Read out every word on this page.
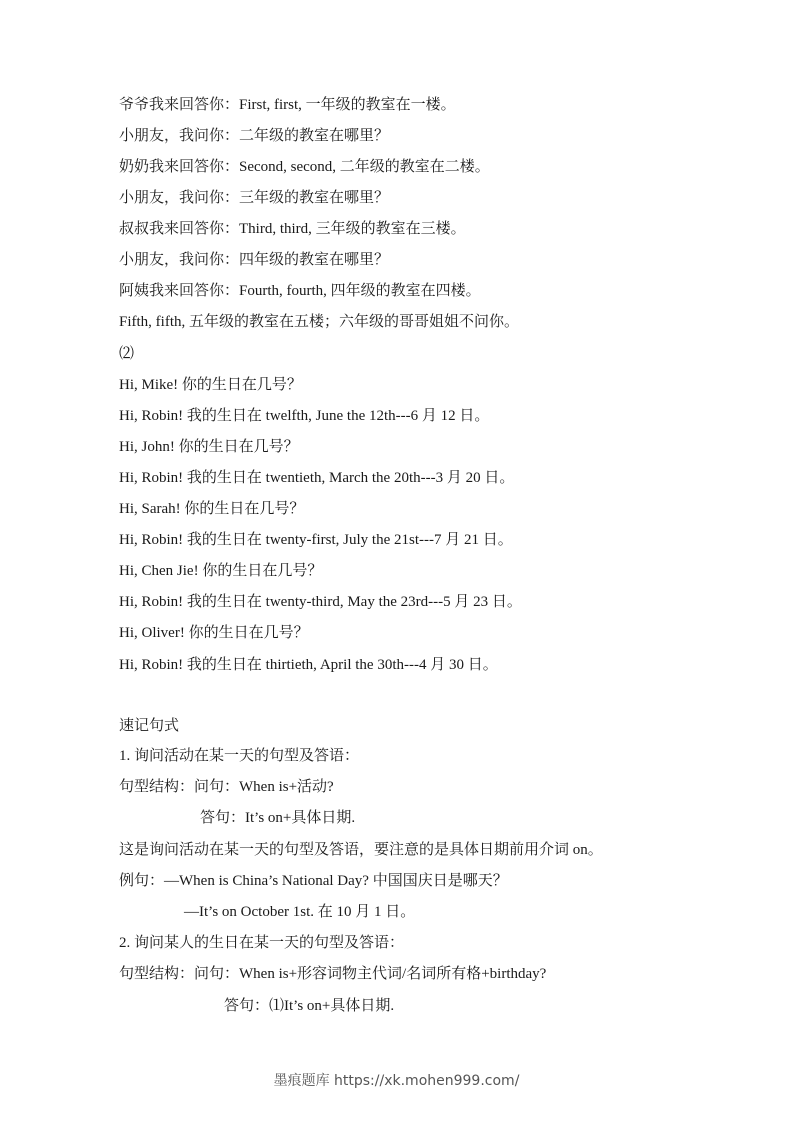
爷爷我来回答你：First, first, 一年级的教室在一楼。
小朋友，我问你：二年级的教室在哪里？
奶奶我来回答你：Second, second, 二年级的教室在二楼。
小朋友，我问你：三年级的教室在哪里？
叔叔我来回答你：Third, third, 三年级的教室在三楼。
小朋友，我问你：四年级的教室在哪里？
阿姨我来回答你：Fourth, fourth, 四年级的教室在四楼。
Fifth, fifth, 五年级的教室在五楼；六年级的哥哥姐姐不问你。
⑵
Hi, Mike! 你的生日在几号？
Hi, Robin! 我的生日在 twelfth, June the 12th---6 月 12 日。
Hi, John! 你的生日在几号？
Hi, Robin! 我的生日在 twentieth, March the 20th---3 月 20 日。
Hi, Sarah! 你的生日在几号？
Hi, Robin! 我的生日在 twenty-first, July the 21st---7 月 21 日。
Hi, Chen Jie! 你的生日在几号？
Hi, Robin! 我的生日在 twenty-third, May the 23rd---5 月 23 日。
Hi, Oliver! 你的生日在几号？
Hi, Robin! 我的生日在 thirtieth, April the 30th---4 月 30 日。
速记句式
1. 询问活动在某一天的句型及答语：
句型结构：问句：When is+活动?
答句：It’s on+具体日期.
这是询问活动在某一天的句型及答语，要注意的是具体日期前用介词 on。
例句：—When is China’s National Day? 中国国庆日是哪天？
—It’s on October 1st. 在 10 月 1 日。
2. 询问某人的生日在某一天的句型及答语：
句型结构：问句：When is+形容词物主代词/名词所有格+birthday?
答句：⑴It’s on+具体日期.
墨痕题库 https://xk.mohen999.com/
